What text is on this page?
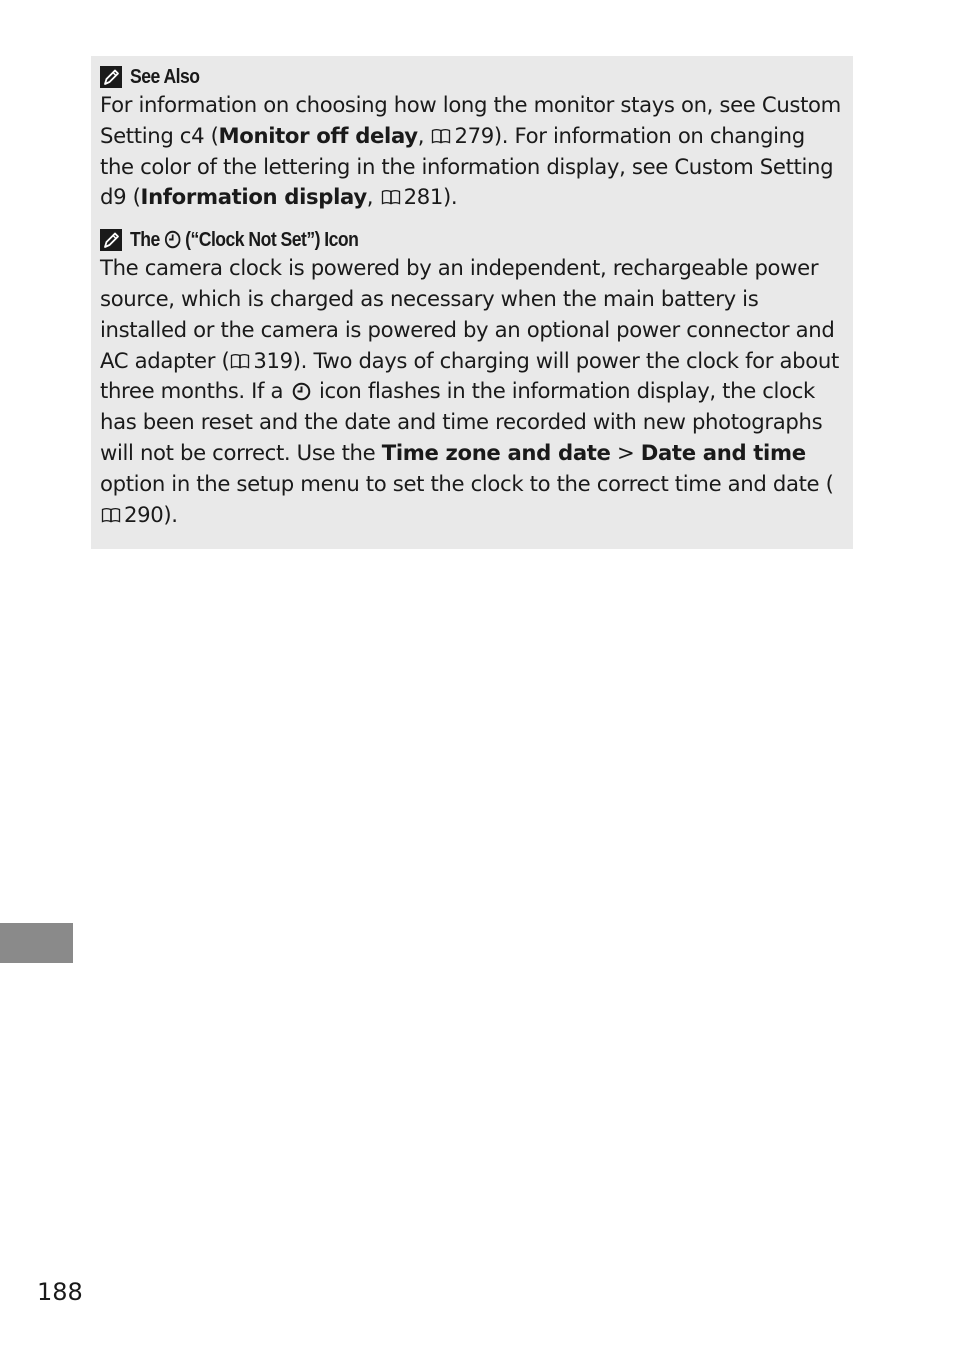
See Also

For information on choosing how long the monitor stays on, see Custom Setting c4 (Monitor off delay, 279). For information on changing the color of the lettering in the information display, see Custom Setting d9 (Information display, 281).

The  (“Clock Not Set”) Icon

The camera clock is powered by an independent, rechargeable power source, which is charged as necessary when the main battery is installed or the camera is powered by an optional power connector and AC adapter ( 319). Two days of charging will power the clock for about three months. If a  icon flashes in the information display, the clock has been reset and the date and time recorded with new photographs will not be correct. Use the Time zone and date > Date and time option in the setup menu to set the clock to the correct time and date (290).

188
